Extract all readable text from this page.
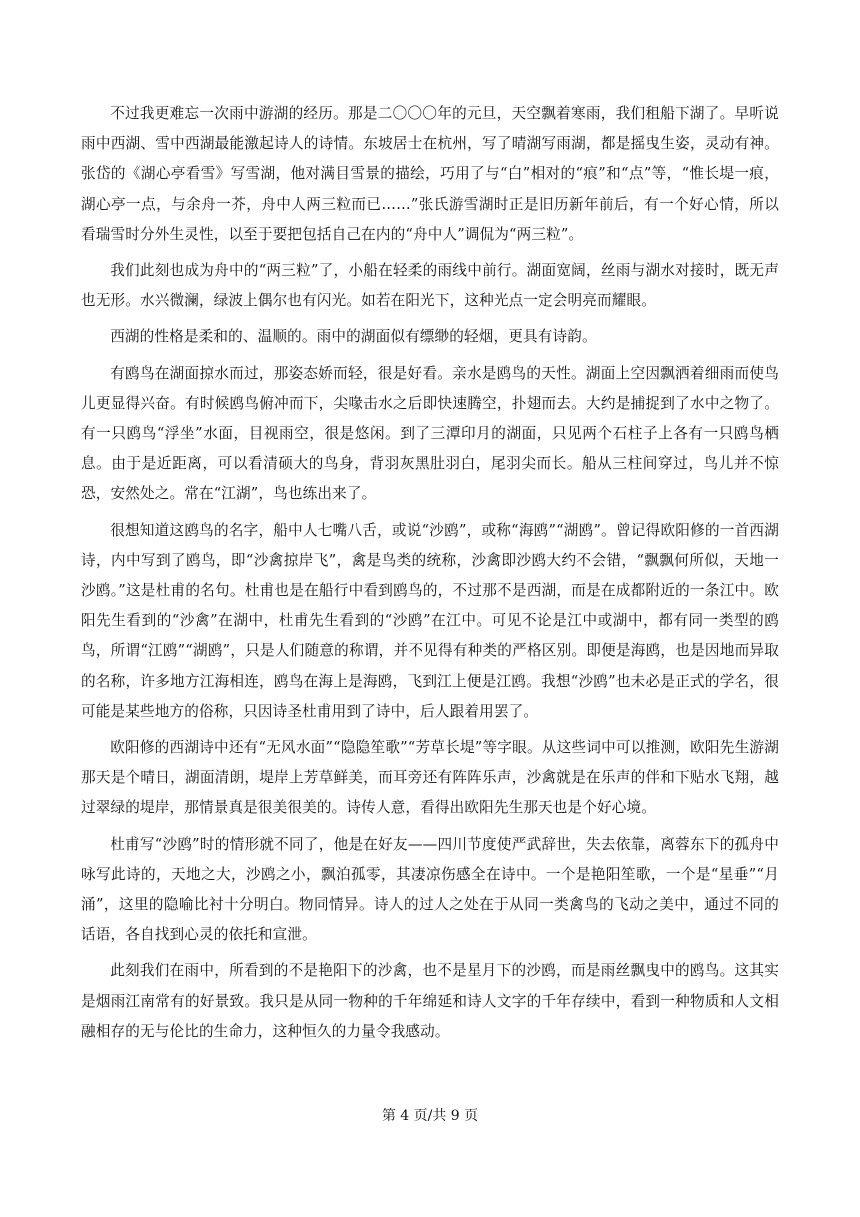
不过我更难忘一次雨中游湖的经历。那是二〇〇〇年的元旦，天空飘着寒雨，我们租船下湖了。早听说雨中西湖、雪中西湖最能激起诗人的诗情。东坡居士在杭州，写了晴湖写雨湖，都是摇曳生姿，灵动有神。张岱的《湖心亭看雪》写雪湖，他对满目雪景的描绘，巧用了与“白”相对的“痕”和“点”等，“惟长堤一痕，湖心亭一点，与余舟一芥，舟中人两三粒而已……”张氏游雪湖时正是旧历新年前后，有一个好心情，所以看瑞雪时分外生灵性，以至于要把包括自己在内的“舟中人”调侃为“两三粒”。

我们此刻也成为舟中的“两三粒”了，小船在轻柔的雨线中前行。湖面宽阔，丝雨与湖水对接时，既无声也无形。水兴微澜，绿波上偶尔也有闪光。如若在阳光下，这种光点一定会明亮而耀眼。

西湖的性格是柔和的、温顺的。雨中的湖面似有缥缈的轻烟，更具有诗韵。

有鸥鸟在湖面掠水而过，那姿态娇而轻，很是好看。亲水是鸥鸟的天性。湖面上空因飘洒着细雨而使鸟儿更显得兴奋。有时候鸥鸟俯冲而下，尖喙击水之后即快速腾空，扑翅而去。大约是捕捉到了水中之物了。有一只鸥鸟“浮坐”水面，目视雨空，很是悠闲。到了三潭印月的湖面，只见两个石柱子上各有一只鸥鸟栖息。由于是近距离，可以看清硕大的鸟身，背羽灰黑肚羽白，尾羽尖而长。船从三柱间穿过，鸟儿并不惊恐，安然处之。常在“江湖”，鸟也练出来了。

很想知道这鸥鸟的名字，船中人七嘴八舌，或说“沙鸥”，或称“海鸥”“湖鸥”。曾记得欧阳修的一首西湖诗，内中写到了鸥鸟，即“沙禽掠岸飞”，禽是鸟类的统称，沙禽即沙鸥大约不会错，“飘飘何所似，天地一沙鸥。”这是杜甫的名句。杜甫也是在船行中看到鸥鸟的，不过那不是西湖，而是在成都附近的一条江中。欧阳先生看到的“沙禽”在湖中，杜甫先生看到的“沙鸥”在江中。可见不论是江中或湖中，都有同一类型的鸥鸟，所谓“江鸥”“湖鸥”，只是人们随意的称谓，并不见得有种类的严格区别。即便是海鸥，也是因地而异取的名称，许多地方江海相连，鸥鸟在海上是海鸥，飞到江上便是江鸥。我想“沙鸥”也未必是正式的学名，很可能是某些地方的俗称，只因诗圣杜甫用到了诗中，后人跟着用罢了。

欧阳修的西湖诗中还有“无风水面”“隐隐笙歌”“芳草长堤”等字眼。从这些词中可以推测，欧阳先生游湖那天是个晴日，湖面清朗，堤岸上芳草鲜美，而耳旁还有阵阵乐声，沙禽就是在乐声的伴和下贴水飞翔，越过翠绿的堤岸，那情景真是很美很美的。诗传人意，看得出欧阳先生那天也是个好心境。

杜甫写“沙鸥”时的情形就不同了，他是在好友——四川节度使严武辞世，失去依靠，离蓉东下的孤舟中咏写此诗的，天地之大，沙鸥之小，飘泊孤零，其凄凉伤感全在诗中。一个是艳阳笙歌，一个是“星垂”“月涌”，这里的隐喻比衬十分明白。物同情异。诗人的过人之处在于从同一类禽鸟的飞动之美中，通过不同的话语，各自找到心灵的依托和宣泄。

此刻我们在雨中，所看到的不是艳阳下的沙禽，也不是星月下的沙鸥，而是雨丝飘曳中的鸥鸟。这其实是烟雨江南常有的好景致。我只是从同一物种的千年绵延和诗人文字的千年存续中，看到一种物质和人文相融相存的无与伦比的生命力，这种恒久的力量令我感动。

第 4 页/共 9 页
